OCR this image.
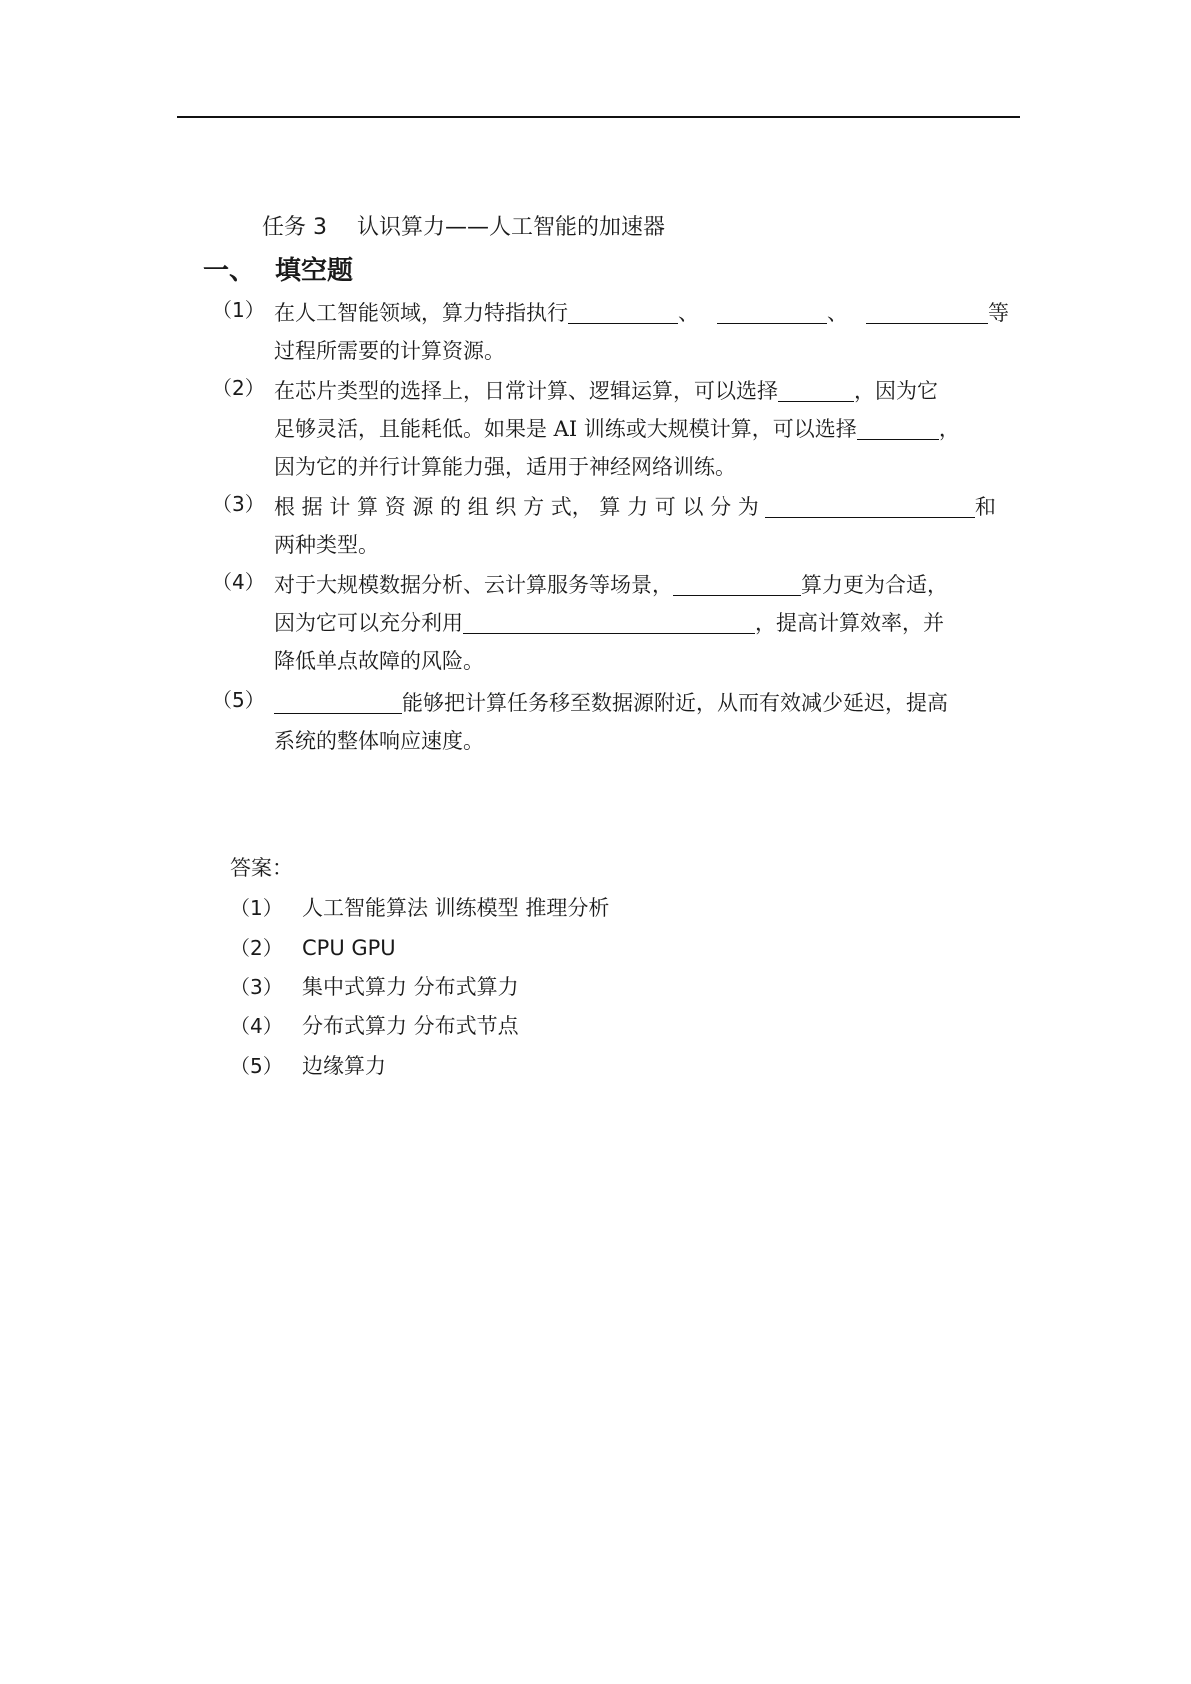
任务 3 认识算力——人工智能的加速器
一、 填空题
（1） 在人工智能领域，算力特指执行	、	、	等
过程所需要的计算资源。
（2） 在芯片类型的选择上，日常计算、逻辑运算，可以选择	，因为它
足够灵活，且能耗低。如果是 AI 训练或大规模计算，可以选择	，
因为它的并行计算能力强，适用于神经网络训练。
（3） 根 据 计 算 资 源 的 组 织 方 式， 算 力 可 以 分 为	和
两种类型。
（4） 对于大规模数据分析、云计算服务等场景，	算力更为合适，
因为它可以充分利用	，提高计算效率，并
降低单点故障的风险。
（5）	能够把计算任务移至数据源附近，从而有效减少延迟，提高
系统的整体响应速度。
答案：
（1） 人工智能算法 训练模型 推理分析
（2） CPU GPU
（3） 集中式算力 分布式算力
（4） 分布式算力 分布式节点
（5） 边缘算力
